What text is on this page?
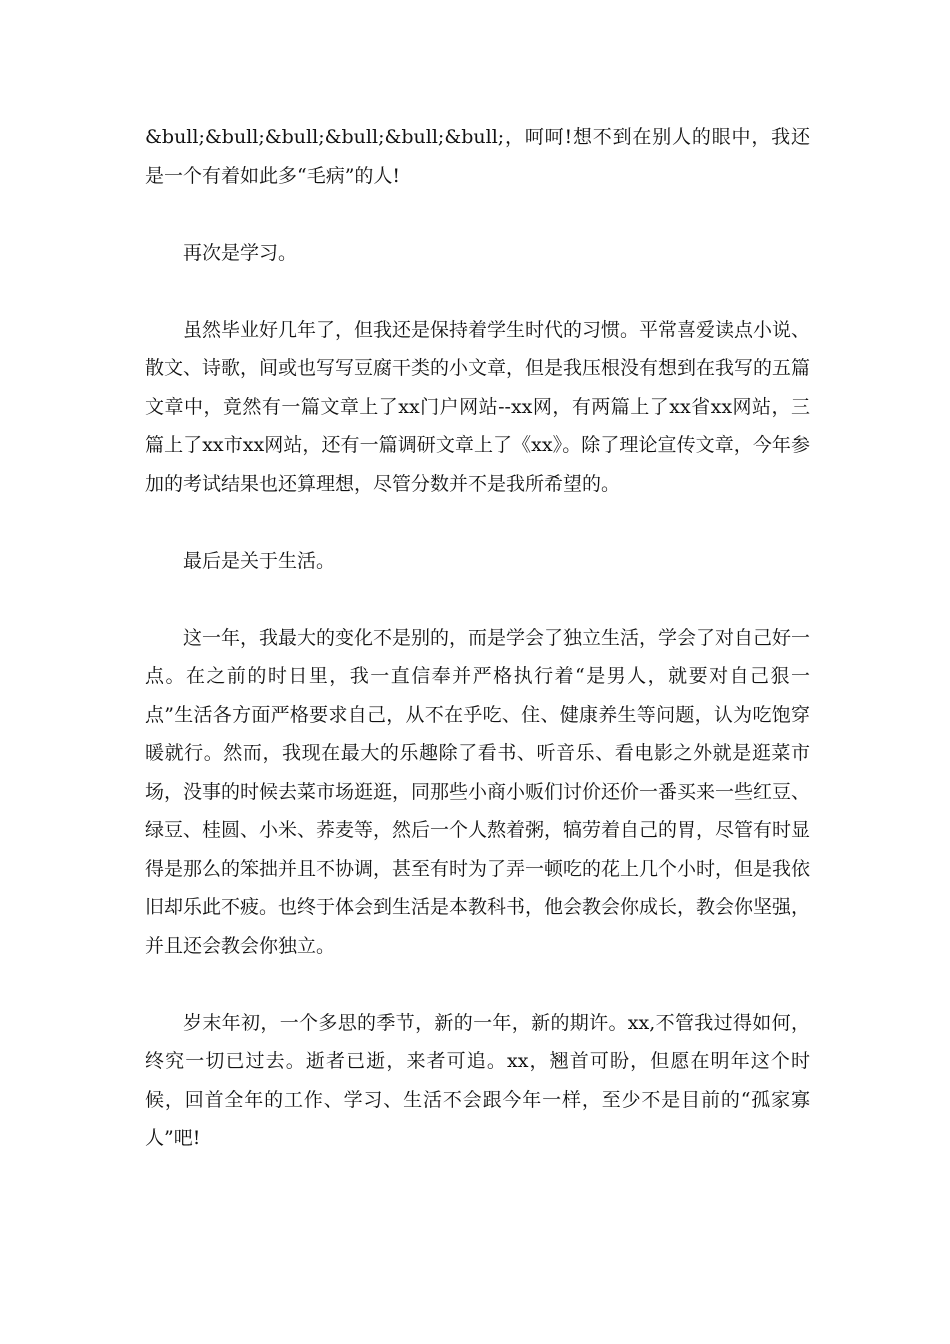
&bull;&bull;&bull;&bull;&bull;&bull;，呵呵!想不到在别人的眼中，我还是一个有着如此多“毛病”的人!

再次是学习。

虽然毕业好几年了，但我还是保持着学生时代的习惯。平常喜爱读点小说、散文、诗歌，间或也写写豆腐干类的小文章，但是我压根没有想到在我写的五篇文章中，竟然有一篇文章上了xx门户网站--xx网，有两篇上了xx省xx网站，三篇上了xx市xx网站，还有一篇调研文章上了《xx》。除了理论宣传文章，今年参加的考试结果也还算理想，尽管分数并不是我所希望的。

最后是关于生活。

这一年，我最大的变化不是别的，而是学会了独立生活，学会了对自己好一点。在之前的时日里，我一直信奉并严格执行着“是男人，就要对自己狠一点”生活各方面严格要求自己，从不在乎吃、住、健康养生等问题，认为吃饱穿暖就行。然而，我现在最大的乐趣除了看书、听音乐、看电影之外就是逛菜市场，没事的时候去菜市场逛逛，同那些小商小贩们讨价还价一番买来一些红豆、绿豆、桂圆、小米、荞麦等，然后一个人熬着粥，犒劳着自己的胃，尽管有时显得是那么的笨拙并且不协调，甚至有时为了弄一顿吃的花上几个小时，但是我依旧却乐此不疲。也终于体会到生活是本教科书，他会教会你成长，教会你坚强，并且还会教会你独立。

岁末年初，一个多思的季节，新的一年，新的期许。xx,不管我过得如何，终究一切已过去。逝者已逝，来者可追。xx，翘首可盼，但愿在明年这个时候，回首全年的工作、学习、生活不会跟今年一样，至少不是目前的“孤家寡人”吧!
